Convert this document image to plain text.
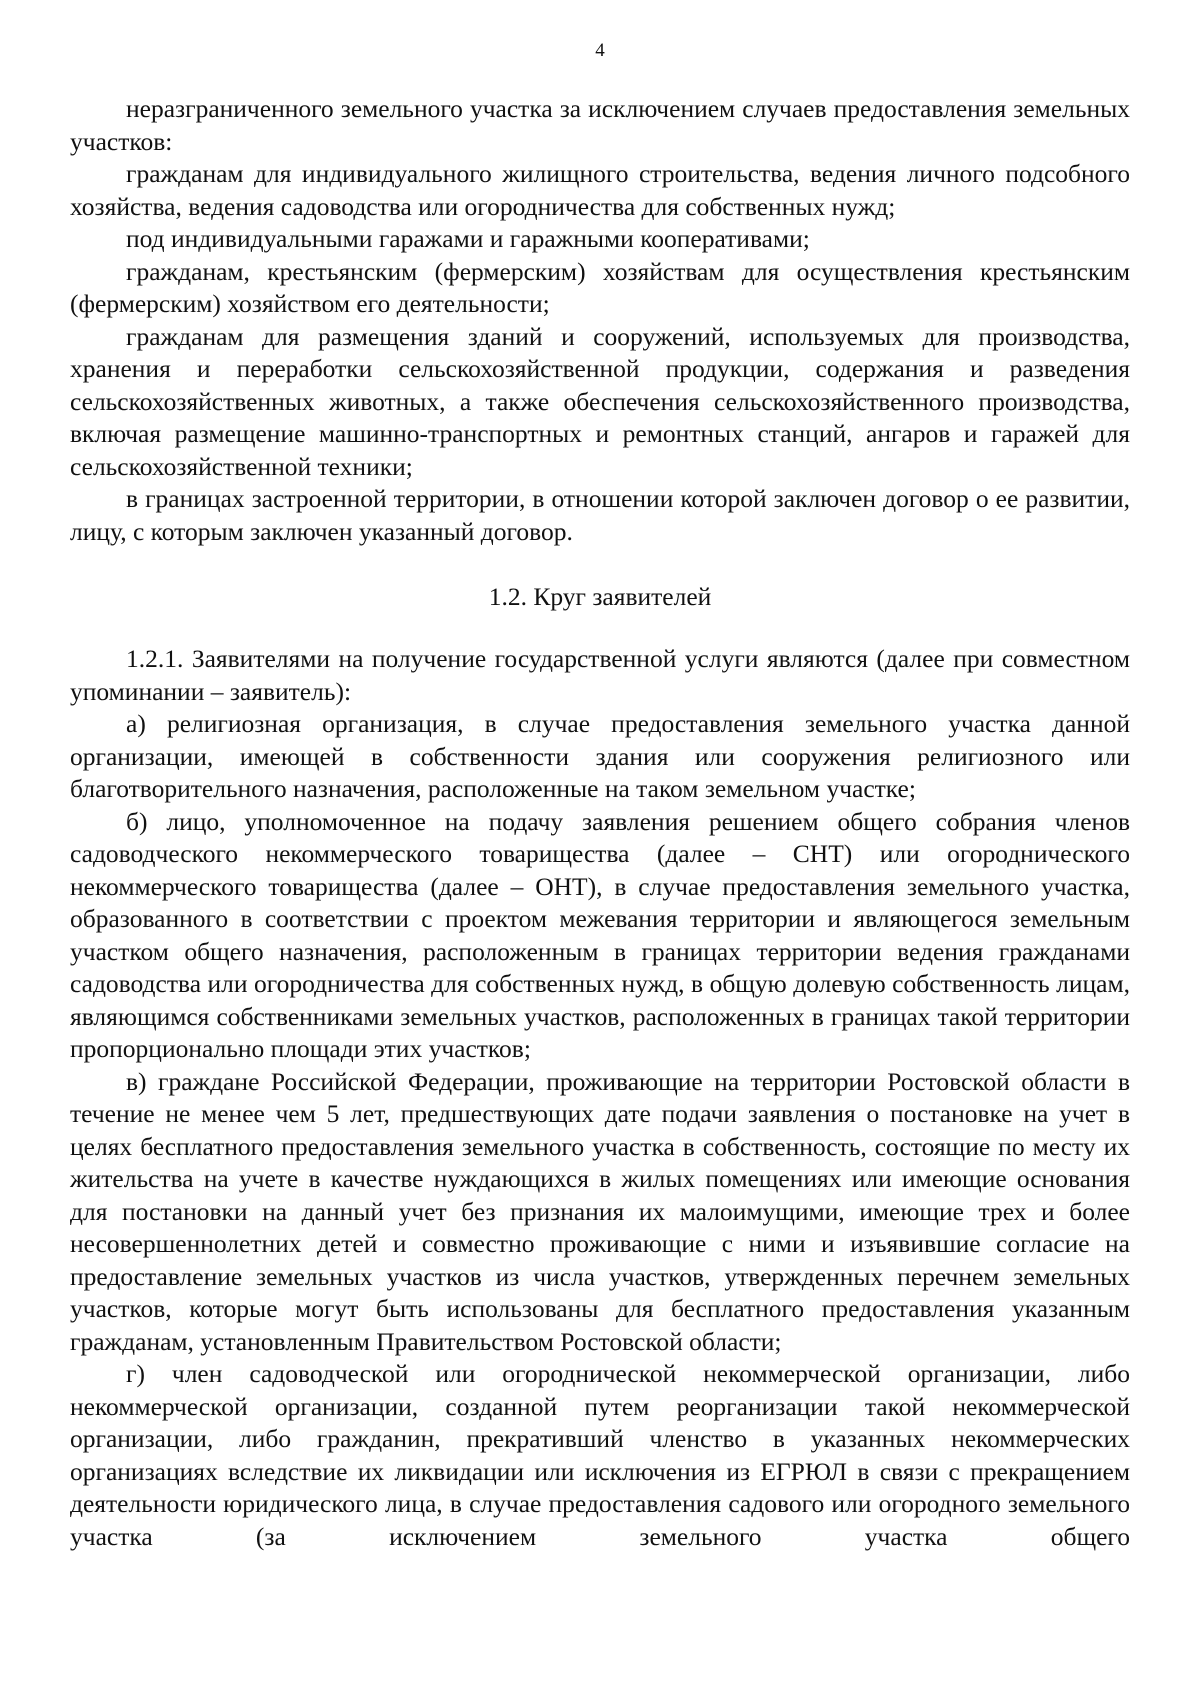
4

неразграниченного земельного участка за исключением случаев предоставления земельных участков:

гражданам для индивидуального жилищного строительства, ведения личного подсобного хозяйства, ведения садоводства или огородничества для собственных нужд;

под индивидуальными гаражами и гаражными кооперативами;

гражданам, крестьянским (фермерским) хозяйствам для осуществления крестьянским (фермерским) хозяйством его деятельности;

гражданам для размещения зданий и сооружений, используемых для производства, хранения и переработки сельскохозяйственной продукции, содержания и разведения сельскохозяйственных животных, а также обеспечения сельскохозяйственного производства, включая размещение машинно-транспортных и ремонтных станций, ангаров и гаражей для сельскохозяйственной техники;

в границах застроенной территории, в отношении которой заключен договор о ее развитии, лицу, с которым заключен указанный договор.

1.2. Круг заявителей

1.2.1. Заявителями на получение государственной услуги являются (далее при совместном упоминании – заявитель):

а) религиозная организация, в случае предоставления земельного участка данной организации, имеющей в собственности здания или сооружения религиозного или благотворительного назначения, расположенные на таком земельном участке;

б) лицо, уполномоченное на подачу заявления решением общего собрания членов садоводческого некоммерческого товарищества (далее – СНТ) или огороднического некоммерческого товарищества (далее – ОНТ), в случае предоставления земельного участка, образованного в соответствии с проектом межевания территории и являющегося земельным участком общего назначения, расположенным в границах территории ведения гражданами садоводства или огородничества для собственных нужд, в общую долевую собственность лицам, являющимся собственниками земельных участков, расположенных в границах такой территории пропорционально площади этих участков;

в) граждане Российской Федерации, проживающие на территории Ростовской области в течение не менее чем 5 лет, предшествующих дате подачи заявления о постановке на учет в целях бесплатного предоставления земельного участка в собственность, состоящие по месту их жительства на учете в качестве нуждающихся в жилых помещениях или имеющие основания для постановки на данный учет без признания их малоимущими, имеющие трех и более несовершеннолетних детей и совместно проживающие с ними и изъявившие согласие на предоставление земельных участков из числа участков, утвержденных перечнем земельных участков, которые могут быть использованы для бесплатного предоставления указанным гражданам, установленным Правительством Ростовской области;

г) член садоводческой или огороднической некоммерческой организации, либо некоммерческой организации, созданной путем реорганизации такой некоммерческой организации, либо гражданин, прекративший членство в указанных некоммерческих организациях вследствие их ликвидации или исключения из ЕГРЮЛ в связи с прекращением деятельности юридического лица, в случае предоставления садового или огородного земельного участка (за исключением земельного участка общего
